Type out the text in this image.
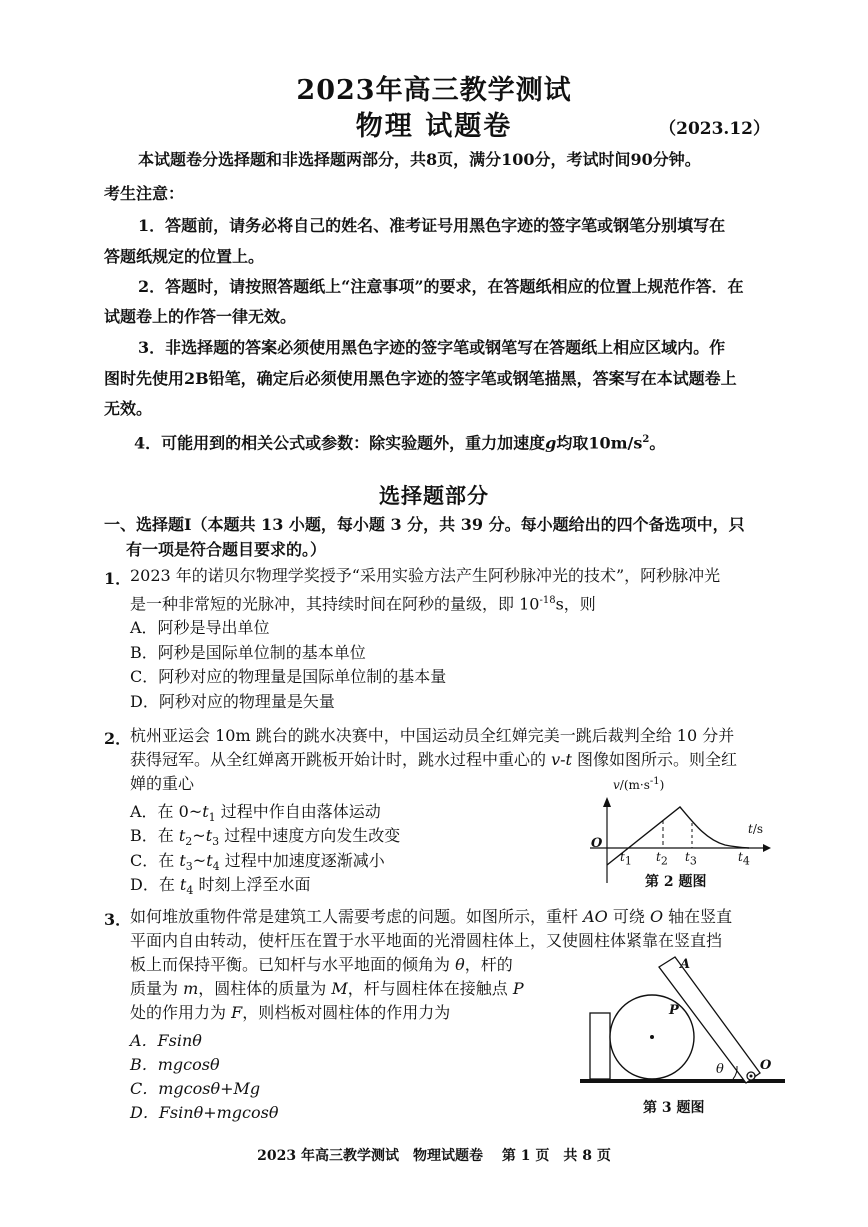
2023年高三教学测试
物理 试题卷	（2023.12）
本试题卷分选择题和非选择题两部分，共8页，满分100分，考试时间90分钟。
考生注意：
1．答题前，请务必将自己的姓名、准考证号用黑色字迹的签字笔或钢笔分别填写在
答题纸规定的位置上。
2．答题时，请按照答题纸上“注意事项”的要求，在答题纸相应的位置上规范作答．在
试题卷上的作答一律无效。
3．非选择题的答案必须使用黑色字迹的签字笔或钢笔写在答题纸上相应区域内。作
图时先使用2B铅笔，确定后必须使用黑色字迹的签字笔或钢笔描黑，答案写在本试题卷上
无效。
4．可能用到的相关公式或参数：除实验题外，重力加速度g均取$10m/s^2$。
选择题部分
一、选择题Ⅰ（本题共 13 小题，每小题 3 分，共 39 分。每小题给出的四个备选项中，只
有一项是符合题目要求的。）
1．
2023 年的诺贝尔物理学奖授予“采用实验方法产生阿秒脉冲光的技术”，阿秒脉冲光
是一种非常短的光脉冲，其持续时间在阿秒的量级，即 $10^{-18}s$，则
A．阿秒是导出单位
B．阿秒是国际单位制的基本单位
C．阿秒对应的物理量是国际单位制的基本量
D．阿秒对应的物理量是矢量
2．
杭州亚运会 10m 跳台的跳水决赛中，中国运动员全红婵完美一跳后裁判全给 10 分并
获得冠军。从全红婵离开跳板开始计时，跳水过程中重心的 v-t 图像如图所示。则全红
婵的重心
A．在 $0\sim t_1$ 过程中作自由落体运动
B．在 $t_2\sim t_3$ 过程中速度方向发生改变
C．在 $t_3\sim t_4$ 过程中加速度逐渐减小
D．在 $t_4$ 时刻上浮至水面
$v/(m\cdot s^{-1})$
t/s
O
$t_1$ $t_2$ $t_3$	$t_4$
第 2 题图
3．
如何堆放重物件常是建筑工人需要考虑的问题。如图所示，重杆 AO 可绕 O 轴在竖直
平面内自由转动，使杆压在置于水平地面的光滑圆柱体上，又使圆柱体紧靠在竖直挡
板上而保持平衡。已知杆与水平地面的倾角为 θ，杆的
质量为 m，圆柱体的质量为 M，杆与圆柱体在接触点 P
处的作用力为 F，则档板对圆柱体的作用力为
A．Fsinθ
B．mgcosθ
C．mgcosθ+Mg
D．Fsinθ+mgcosθ
A
P
O
θ
第 3 题图
2023 年高三教学测试　物理试题卷　 第 1 页　共 8 页
